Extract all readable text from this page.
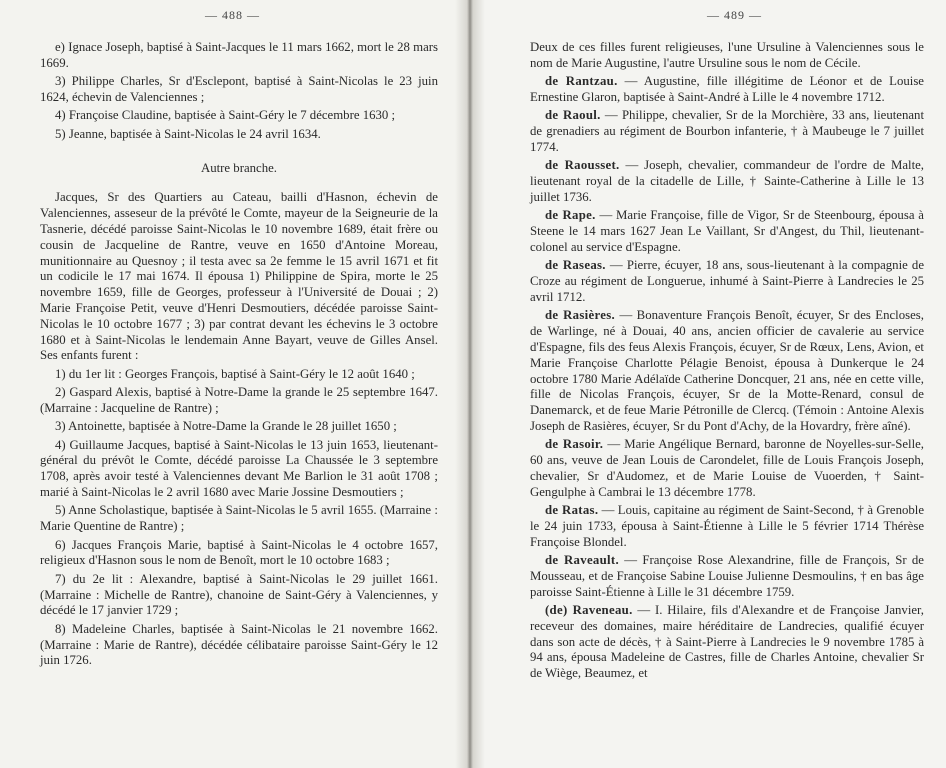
— 488 —

e) Ignace Joseph, baptisé à Saint-Jacques le 11 mars 1662, mort le 28 mars 1669.

3) Philippe Charles, Sr d'Esclepont, baptisé à Saint-Nicolas le 23 juin 1624, échevin de Valenciennes ;

4) Françoise Claudine, baptisée à Saint-Géry le 7 décembre 1630 ;

5) Jeanne, baptisée à Saint-Nicolas le 24 avril 1634.

Autre branche.

Jacques, Sr des Quartiers au Cateau, bailli d'Hasnon, échevin de Valenciennes, asseseur de la prévôté le Comte, mayeur de la Seigneurie de la Tasnerie, décédé paroisse Saint-Nicolas le 10 novembre 1689, était frère ou cousin de Jacqueline de Rantre, veuve en 1650 d'Antoine Moreau, munitionnaire au Quesnoy ; il testa avec sa 2e femme le 15 avril 1671 et fit un codicile le 17 mai 1674. Il épousa 1) Philippine de Spira, morte le 25 novembre 1659, fille de Georges, professeur à l'Université de Douai ; 2) Marie Françoise Petit, veuve d'Henri Desmoutiers, décédée paroisse Saint-Nicolas le 10 octobre 1677 ; 3) par contrat devant les échevins le 3 octobre 1680 et à Saint-Nicolas le lendemain Anne Bayart, veuve de Gilles Ansel. Ses enfants furent :

1) du 1er lit : Georges François, baptisé à Saint-Géry le 12 août 1640 ;

2) Gaspard Alexis, baptisé à Notre-Dame la grande le 25 septembre 1647. (Marraine : Jacqueline de Rantre) ;

3) Antoinette, baptisée à Notre-Dame la Grande le 28 juillet 1650 ;

4) Guillaume Jacques, baptisé à Saint-Nicolas le 13 juin 1653, lieutenant-général du prévôt le Comte, décédé paroisse La Chaussée le 3 septembre 1708, après avoir testé à Valenciennes devant Me Barlion le 31 août 1708 ; marié à Saint-Nicolas le 2 avril 1680 avec Marie Jossine Desmoutiers ;

5) Anne Scholastique, baptisée à Saint-Nicolas le 5 avril 1655. (Marraine : Marie Quentine de Rantre) ;

6) Jacques François Marie, baptisé à Saint-Nicolas le 4 octobre 1657, religieux d'Hasnon sous le nom de Benoît, mort le 10 octobre 1683 ;

7) du 2e lit : Alexandre, baptisé à Saint-Nicolas le 29 juillet 1661. (Marraine : Michelle de Rantre), chanoine de Saint-Géry à Valenciennes, y décédé le 17 janvier 1729 ;

8) Madeleine Charles, baptisée à Saint-Nicolas le 21 novembre 1662. (Marraine : Marie de Rantre), décédée célibataire paroisse Saint-Géry le 12 juin 1726.

— 489 —

Deux de ces filles furent religieuses, l'une Ursuline à Valenciennes sous le nom de Marie Augustine, l'autre Ursuline sous le nom de Cécile.

de Rantzau. — Augustine, fille illégitime de Léonor et de Louise Ernestine Glaron, baptisée à Saint-André à Lille le 4 novembre 1712.

de Raoul. — Philippe, chevalier, Sr de la Morchière, 33 ans, lieutenant de grenadiers au régiment de Bourbon infanterie, † à Maubeuge le 7 juillet 1774.

de Raousset. — Joseph, chevalier, commandeur de l'ordre de Malte, lieutenant royal de la citadelle de Lille, † Sainte-Catherine à Lille le 13 juillet 1736.

de Rape. — Marie Françoise, fille de Vigor, Sr de Steenbourg, épousa à Steene le 14 mars 1627 Jean Le Vaillant, Sr d'Angest, du Thil, lieutenant-colonel au service d'Espagne.

de Raseas. — Pierre, écuyer, 18 ans, sous-lieutenant à la compagnie de Croze au régiment de Longuerue, inhumé à Saint-Pierre à Landrecies le 25 avril 1712.

de Rasières. — Bonaventure François Benoît, écuyer, Sr des Encloses, de Warlinge, né à Douai, 40 ans, ancien officier de cavalerie au service d'Espagne, fils des feus Alexis François, écuyer, Sr de Rœux, Lens, Avion, et Marie Françoise Charlotte Pélagie Benoist, épousa à Dunkerque le 24 octobre 1780 Marie Adélaïde Catherine Doncquer, 21 ans, née en cette ville, fille de Nicolas François, écuyer, Sr de la Motte-Renard, consul de Danemarck, et de feue Marie Pétronille de Clercq. (Témoin : Antoine Alexis Joseph de Rasières, écuyer, Sr du Pont d'Achy, de la Hovardry, frère aîné).

de Rasoir. — Marie Angélique Bernard, baronne de Noyelles-sur-Selle, 60 ans, veuve de Jean Louis de Carondelet, fille de Louis François Joseph, chevalier, Sr d'Audomez, et de Marie Louise de Vuoerden, † Saint-Gengulphe à Cambrai le 13 décembre 1778.

de Ratas. — Louis, capitaine au régiment de Saint-Second, † à Grenoble le 24 juin 1733, épousa à Saint-Étienne à Lille le 5 février 1714 Thérèse Françoise Blondel.

de Raveault. — Françoise Rose Alexandrine, fille de François, Sr de Mousseau, et de Françoise Sabine Louise Julienne Desmoulins, † en bas âge paroisse Saint-Étienne à Lille le 31 décembre 1759.

(de) Raveneau. — I. Hilaire, fils d'Alexandre et de Françoise Janvier, receveur des domaines, maire héréditaire de Landrecies, qualifié écuyer dans son acte de décès, † à Saint-Pierre à Landrecies le 9 novembre 1785 à 94 ans, épousa Madeleine de Castres, fille de Charles Antoine, chevalier Sr de Wiège, Beaumez, et
